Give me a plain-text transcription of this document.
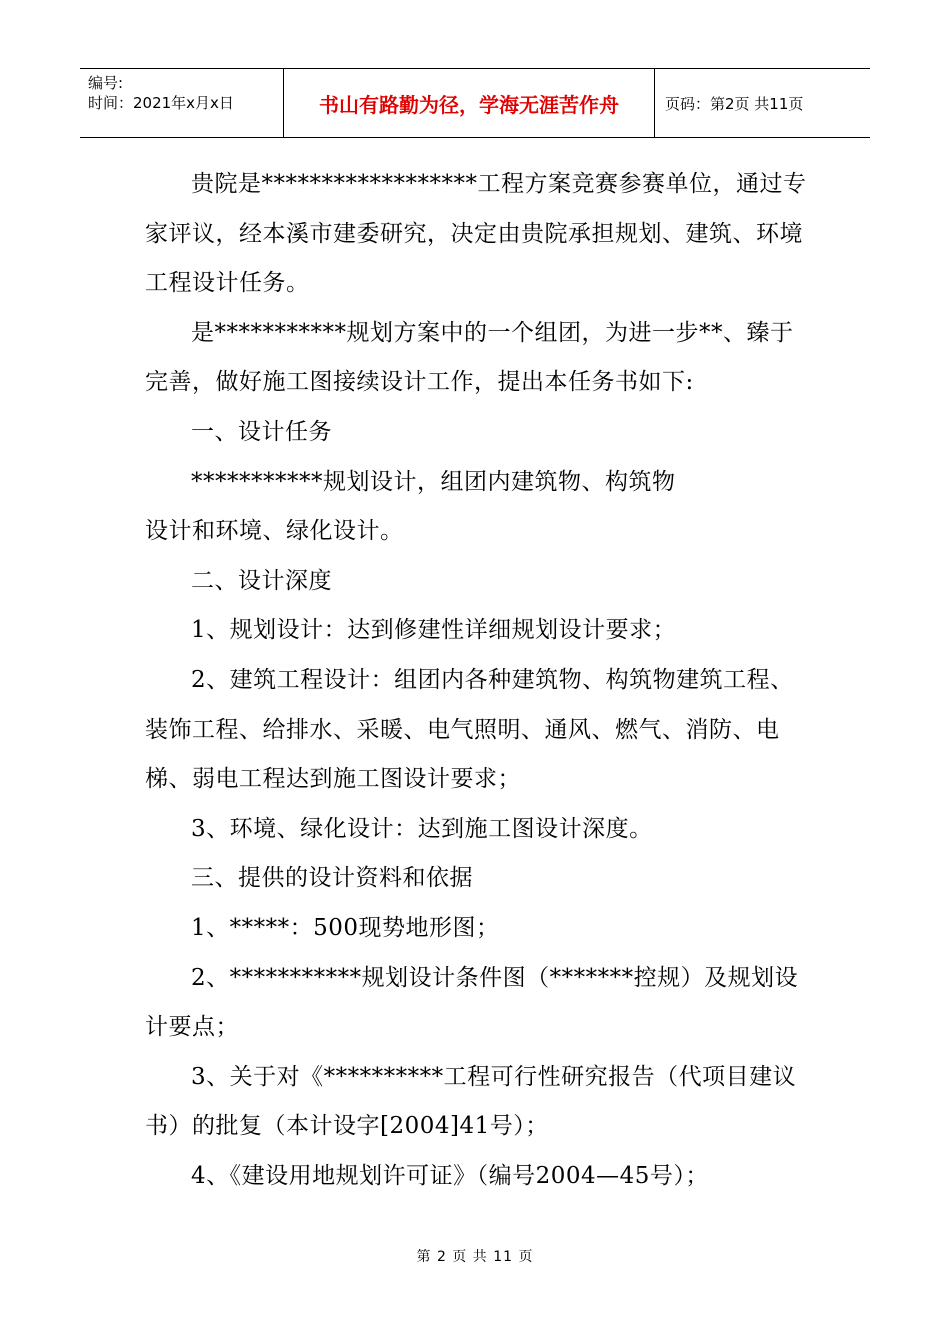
编号:
时间：2021年x月x日	书山有路勤为径，学海无涯苦作舟	页码：第2页 共11页

贵院是******************工程方案竞赛参赛单位，通过专家评议，经本溪市建委研究，决定由贵院承担规划、建筑、环境工程设计任务。

是***********规划方案中的一个组团，为进一步**、臻于完善，做好施工图接续设计工作，提出本任务书如下:

一、设计任务

***********规划设计，组团内建筑物、构筑物

设计和环境、绿化设计。

二、设计深度

1、规划设计：达到修建性详细规划设计要求；

2、建筑工程设计：组团内各种建筑物、构筑物建筑工程、装饰工程、给排水、采暖、电气照明、通风、燃气、消防、电梯、弱电工程达到施工图设计要求；

3、环境、绿化设计：达到施工图设计深度。

三、提供的设计资料和依据

1、*****：500现势地形图；

2、***********规划设计条件图（*******控规）及规划设计要点；

3、关于对《**********工程可行性研究报告（代项目建议书）的批复（本计设字[2004]41号）；

4、《建设用地规划许可证》（编号2004—45号）；

第 2 页 共 11 页
